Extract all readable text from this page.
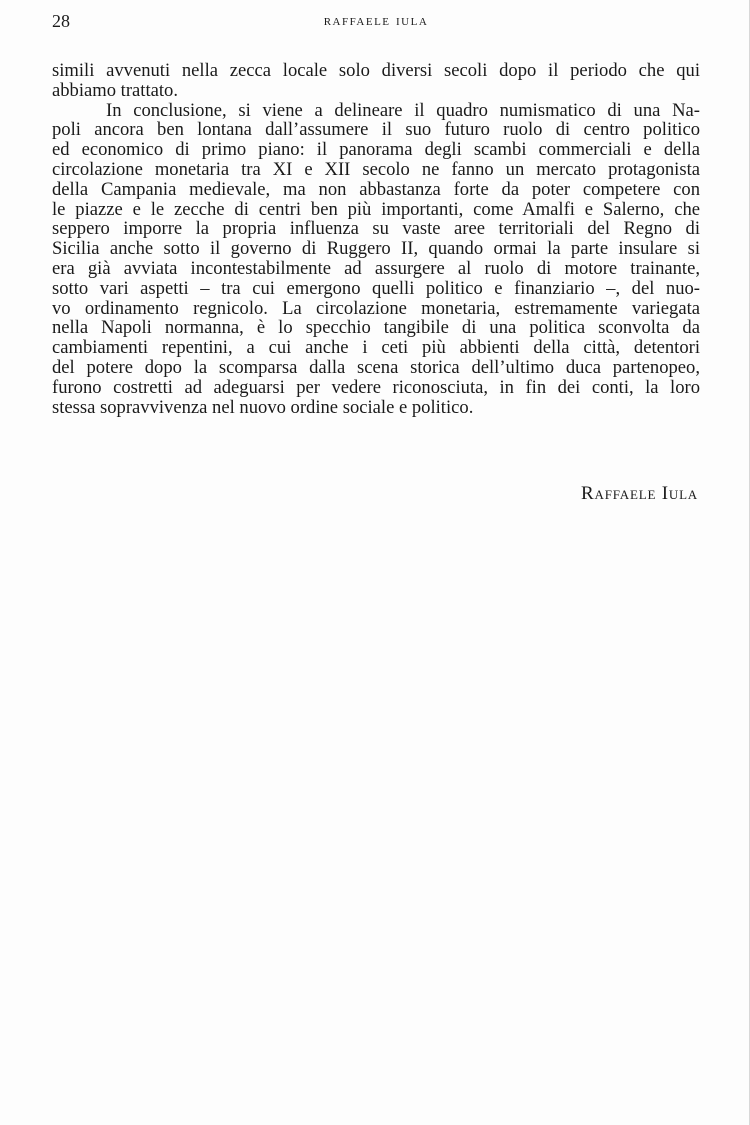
28	raffaele iula
simili avvenuti nella zecca locale solo diversi secoli dopo il periodo che qui
abbiamo trattato.
In conclusione, si viene a delineare il quadro numismatico di una Na-
poli ancora ben lontana dall’assumere il suo futuro ruolo di centro politico
ed economico di primo piano: il panorama degli scambi commerciali e della
circolazione monetaria tra XI e XII secolo ne fanno un mercato protagonista
della Campania medievale, ma non abbastanza forte da poter competere con
le piazze e le zecche di centri ben più importanti, come Amalfi e Salerno, che
seppero imporre la propria influenza su vaste aree territoriali del Regno di
Sicilia anche sotto il governo di Ruggero II, quando ormai la parte insulare si
era già avviata incontestabilmente ad assurgere al ruolo di motore trainante,
sotto vari aspetti – tra cui emergono quelli politico e finanziario –, del nuo-
vo ordinamento regnicolo. La circolazione monetaria, estremamente variegata
nella Napoli normanna, è lo specchio tangibile di una politica sconvolta da
cambiamenti repentini, a cui anche i ceti più abbienti della città, detentori
del potere dopo la scomparsa dalla scena storica dell’ultimo duca partenopeo,
furono costretti ad adeguarsi per vedere riconosciuta, in fin dei conti, la loro
stessa sopravvivenza nel nuovo ordine sociale e politico.
Raffaele Iula
